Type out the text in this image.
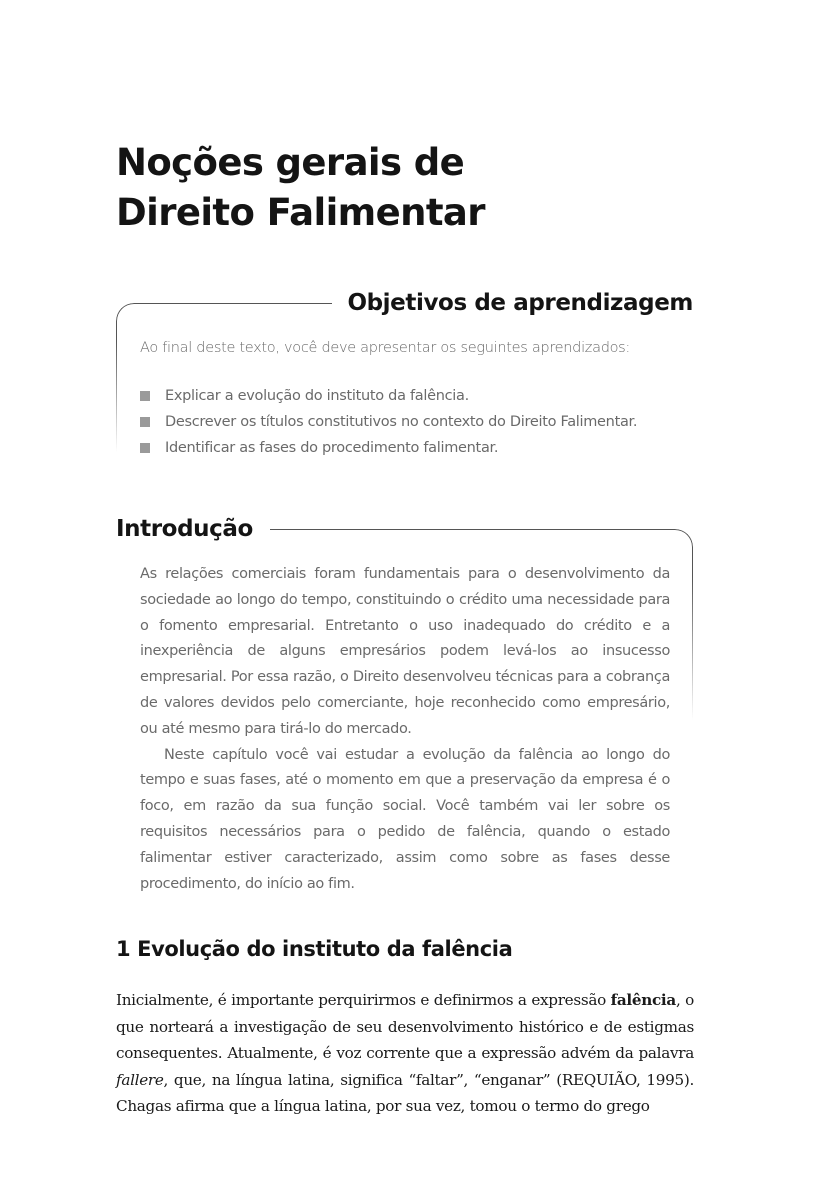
Noções gerais de
Direito Falimentar
Objetivos de aprendizagem

Ao final deste texto, você deve apresentar os seguintes aprendizados:

Explicar a evolução do instituto da falência.
Descrever os títulos constitutivos no contexto do Direito Falimentar.
Identificar as fases do procedimento falimentar.
Introdução

As relações comerciais foram fundamentais para o desenvolvimento da sociedade ao longo do tempo, constituindo o crédito uma necessidade para o fomento empresarial. Entretanto o uso inadequado do crédito e a inexperiência de alguns empresários podem levá-los ao insucesso empresarial. Por essa razão, o Direito desenvolveu técnicas para a cobrança de valores devidos pelo comerciante, hoje reconhecido como empresário, ou até mesmo para tirá-lo do mercado.

Neste capítulo você vai estudar a evolução da falência ao longo do tempo e suas fases, até o momento em que a preservação da empresa é o foco, em razão da sua função social. Você também vai ler sobre os requisitos necessários para o pedido de falência, quando o estado falimentar estiver caracterizado, assim como sobre as fases desse procedimento, do início ao fim.

1 Evolução do instituto da falência

Inicialmente, é importante perquirirmos e definirmos a expressão falência, o que norteará a investigação de seu desenvolvimento histórico e de estigmas consequentes. Atualmente, é voz corrente que a expressão advém da palavra fallere, que, na língua latina, significa “faltar”, “enganar” (REQUIÃO, 1995). Chagas afirma que a língua latina, por sua vez, tomou o termo do grego
